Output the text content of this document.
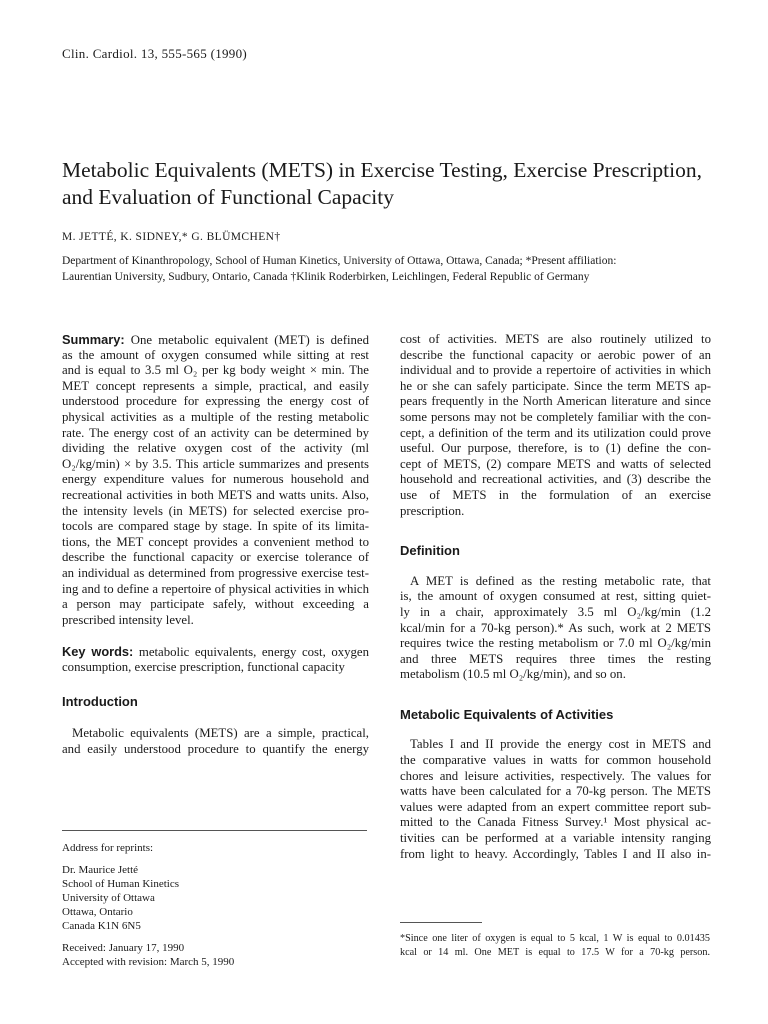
Clin. Cardiol. 13, 555-565 (1990)
Metabolic Equivalents (METS) in Exercise Testing, Exercise Prescription,
and Evaluation of Functional Capacity
M. JETTÉ, K. SIDNEY,* G. BLÜMCHEN†
Department of Kinanthropology, School of Human Kinetics, University of Ottawa, Ottawa, Canada; *Present affiliation:
Laurentian University, Sudbury, Ontario, Canada †Klinik Roderbirken, Leichlingen, Federal Republic of Germany
Summary: One metabolic equivalent (MET) is defined
as the amount of oxygen consumed while sitting at rest
and is equal to 3.5 ml O₂ per kg body weight × min. The
MET concept represents a simple, practical, and easily
understood procedure for expressing the energy cost of
physical activities as a multiple of the resting metabolic
rate. The energy cost of an activity can be determined by
dividing the relative oxygen cost of the activity (ml
O₂/kg/min) × by 3.5. This article summarizes and presents
energy expenditure values for numerous household and
recreational activities in both METS and watts units. Also,
the intensity levels (in METS) for selected exercise pro-
tocols are compared stage by stage. In spite of its limita-
tions, the MET concept provides a convenient method to
describe the functional capacity or exercise tolerance of
an individual as determined from progressive exercise test-
ing and to define a repertoire of physical activities in which
a person may participate safely, without exceeding a
prescribed intensity level.
Key words: metabolic equivalents, energy cost, oxygen
consumption, exercise prescription, functional capacity
Introduction
Metabolic equivalents (METS) are a simple, practical,
and easily understood procedure to quantify the energy
Address for reprints:
Dr. Maurice Jetté
School of Human Kinetics
University of Ottawa
Ottawa, Ontario
Canada K1N 6N5
Received: January 17, 1990
Accepted with revision: March 5, 1990
cost of activities. METS are also routinely utilized to
describe the functional capacity or aerobic power of an
individual and to provide a repertoire of activities in which
he or she can safely participate. Since the term METS ap-
pears frequently in the North American literature and since
some persons may not be completely familiar with the con-
cept, a definition of the term and its utilization could prove
useful. Our purpose, therefore, is to (1) define the con-
cept of METS, (2) compare METS and watts of selected
household and recreational activities, and (3) describe the
use of METS in the formulation of an exercise
prescription.
Definition
A MET is defined as the resting metabolic rate, that
is, the amount of oxygen consumed at rest, sitting quiet-
ly in a chair, approximately 3.5 ml O₂/kg/min (1.2
kcal/min for a 70-kg person).* As such, work at 2 METS
requires twice the resting metabolism or 7.0 ml O₂/kg/min
and three METS requires three times the resting
metabolism (10.5 ml O₂/kg/min), and so on.
Metabolic Equivalents of Activities
Tables I and II provide the energy cost in METS and
the comparative values in watts for common household
chores and leisure activities, respectively. The values for
watts have been calculated for a 70-kg person. The METS
values were adapted from an expert committee report sub-
mitted to the Canada Fitness Survey.¹ Most physical ac-
tivities can be performed at a variable intensity ranging
from light to heavy. Accordingly, Tables I and II also in-
*Since one liter of oxygen is equal to 5 kcal, 1 W is equal to 0.01435
kcal or 14 ml. One MET is equal to 17.5 W for a 70-kg person.
